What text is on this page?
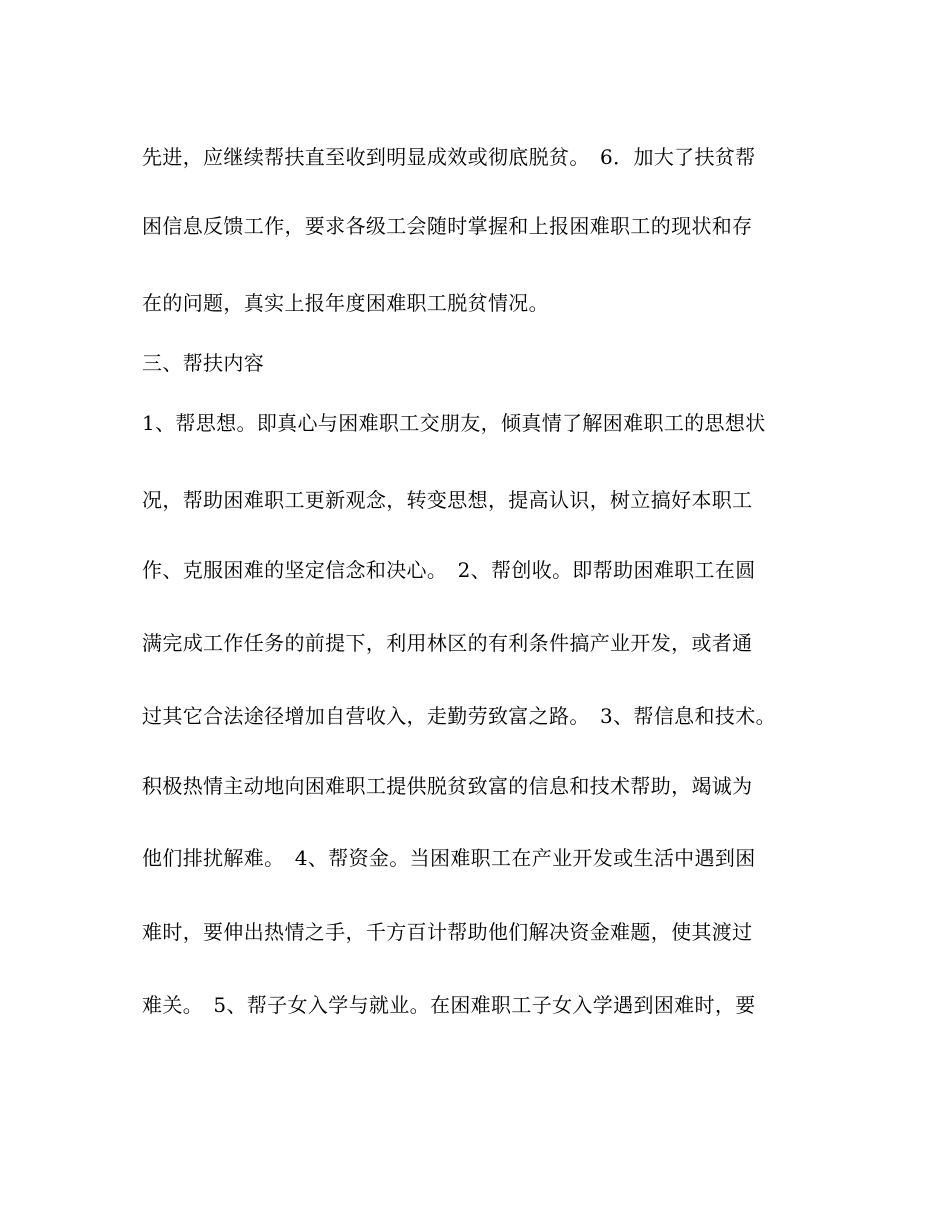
先进，应继续帮扶直至收到明显成效或彻底脱贫。　6．加大了扶贫帮

困信息反馈工作，要求各级工会随时掌握和上报困难职工的现状和存

在的问题，真实上报年度困难职工脱贫情况。

三、帮扶内容

1、帮思想。即真心与困难职工交朋友，倾真情了解困难职工的思想状

况，帮助困难职工更新观念，转变思想，提高认识，树立搞好本职工

作、克服困难的坚定信念和决心。　2、帮创收。即帮助困难职工在圆

满完成工作任务的前提下，利用林区的有利条件搞产业开发，或者通

过其它合法途径增加自营收入，走勤劳致富之路。　3、帮信息和技术。

积极热情主动地向困难职工提供脱贫致富的信息和技术帮助，竭诚为

他们排扰解难。　4、帮资金。当困难职工在产业开发或生活中遇到困

难时，要伸出热情之手，千方百计帮助他们解决资金难题，使其渡过

难关。　5、帮子女入学与就业。在困难职工子女入学遇到困难时，要
